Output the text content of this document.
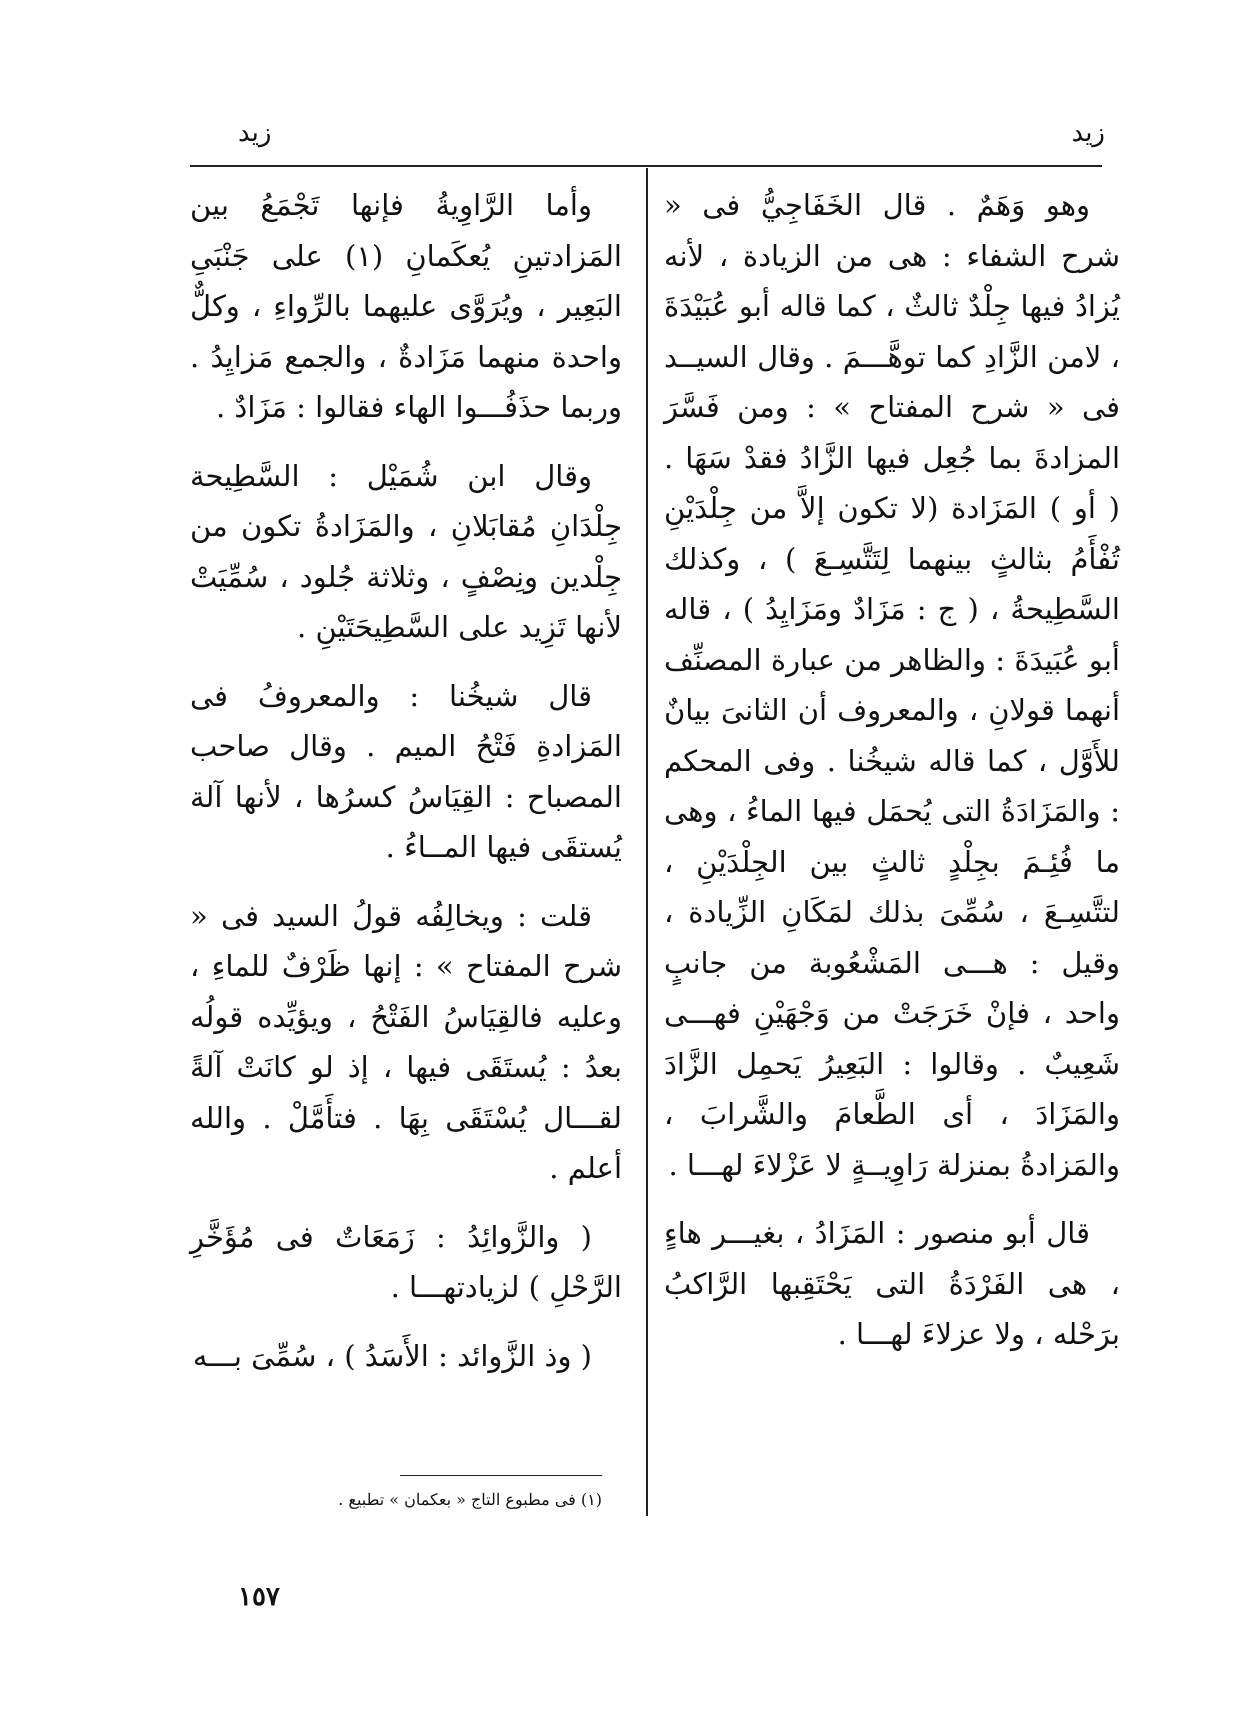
زيد
زيد

وهو وَهَمٌ . قال الخَفَاجِيُّ فى « شرح الشفاء : هى من الزيادة ، لأنه يُزادُ فيها جِلْدٌ ثالثٌ ، كما قاله أبو عُبَيْدَةَ ، لامن الزَّادِ كما توهَّـــمَ . وقال السيــد فى « شرح المفتاح » : ومن فَسَّرَ المزادةَ بما جُعِل فيها الزَّادُ فقدْ سَهَا . ( أو ) المَزَادة (لا تكون إلاَّ من جِلْدَيْنِ تُفْأَمُ بثالثٍ بينهما لِتَتَّسِـعَ ) ، وكذلك السَّطِيحةُ ، ( ج : مَزَادٌ ومَزَايِدُ ) ، قاله أبو عُبَيدَةَ : والظاهر من عبارة المصنِّف أنهما قولانِ ، والمعروف أن الثانىَ بيانٌ للأَوَّل ، كما قاله شيخُنا . وفى المحكم : والمَزَادَةُ التى يُحمَل فيها الماءُ ، وهى ما فُئِـمَ بجِلْدٍ ثالثٍ بين الجِلْدَيْنِ ، لتتَّسِـعَ ، سُمِّىَ بذلك لمَكَانِ الزِّيادة ، وقيل : هـــى المَشْعُوبة من جانبٍ واحد ، فإنْ خَرَجَتْ من وَجْهَيْنِ فهـــى شَعِيبٌ . وقالوا : البَعِيرُ يَحمِل الزَّادَ والمَزَادَ ، أى الطَّعامَ والشَّرابَ ، والمَزادةُ بمنزلة رَاوِيــةٍ لا عَزْلاءَ لهـــا .

قال أبو منصور : المَزَادُ ، بغيـــر هاءٍ ، هى الفَرْدَةُ التى يَحْتَقِبها الرَّاكبُ برَحْله ، ولا عزلاءَ لهـــا .

وأما الرَّاوِيةُ فإنها تَجْمَعُ بين المَزادتينِ يُعكَمانِ (١) على جَنْبَىِ البَعِير ، ويُرَوَّى عليهما بالرِّواءِ ، وكلٌّ واحدة منهما مَزَادةٌ ، والجمع مَزايِدُ . وربما حذَفُـــوا الهاء فقالوا : مَزَادٌ .

وقال ابن شُمَيْل : السَّطِيحة جِلْدَانِ مُقابَلانِ ، والمَزَادةُ تكون من جِلْدين ونِصْفٍ ، وثلاثة جُلود ، سُمِّيَتْ لأنها تَزِيد على السَّطِيحَتَيْنِ .

قال شيخُنا : والمعروفُ فى المَزادةِ فَتْحُ الميم . وقال صاحب المصباح : القِيَاسُ كسرُها ، لأنها آلة يُستقَى فيها المــاءُ .

قلت : ويخالِفُه قولُ السيد فى « شرح المفتاح » : إنها ظَرْفٌ للماءِ ، وعليه فالقِيَاسُ الفَتْحُ ، ويؤيِّده قولُه بعدُ : يُستَقَى فيها ، إذ لو كانَتْ آلةً لقـــال يُسْتَقَى بِهَا . فتأَمَّلْ . والله أعلم .

( والزَّوائِدُ : زَمَعَاتٌ فى مُؤَخَّرِ الرَّحْلِ ) لزيادتهـــا .

( وذ الزَّوائد : الأَسَدُ ) ، سُمِّىَ بـــه

(١) فى مطبوع التاج « بعكمان » تطبيع .
١٥٧
